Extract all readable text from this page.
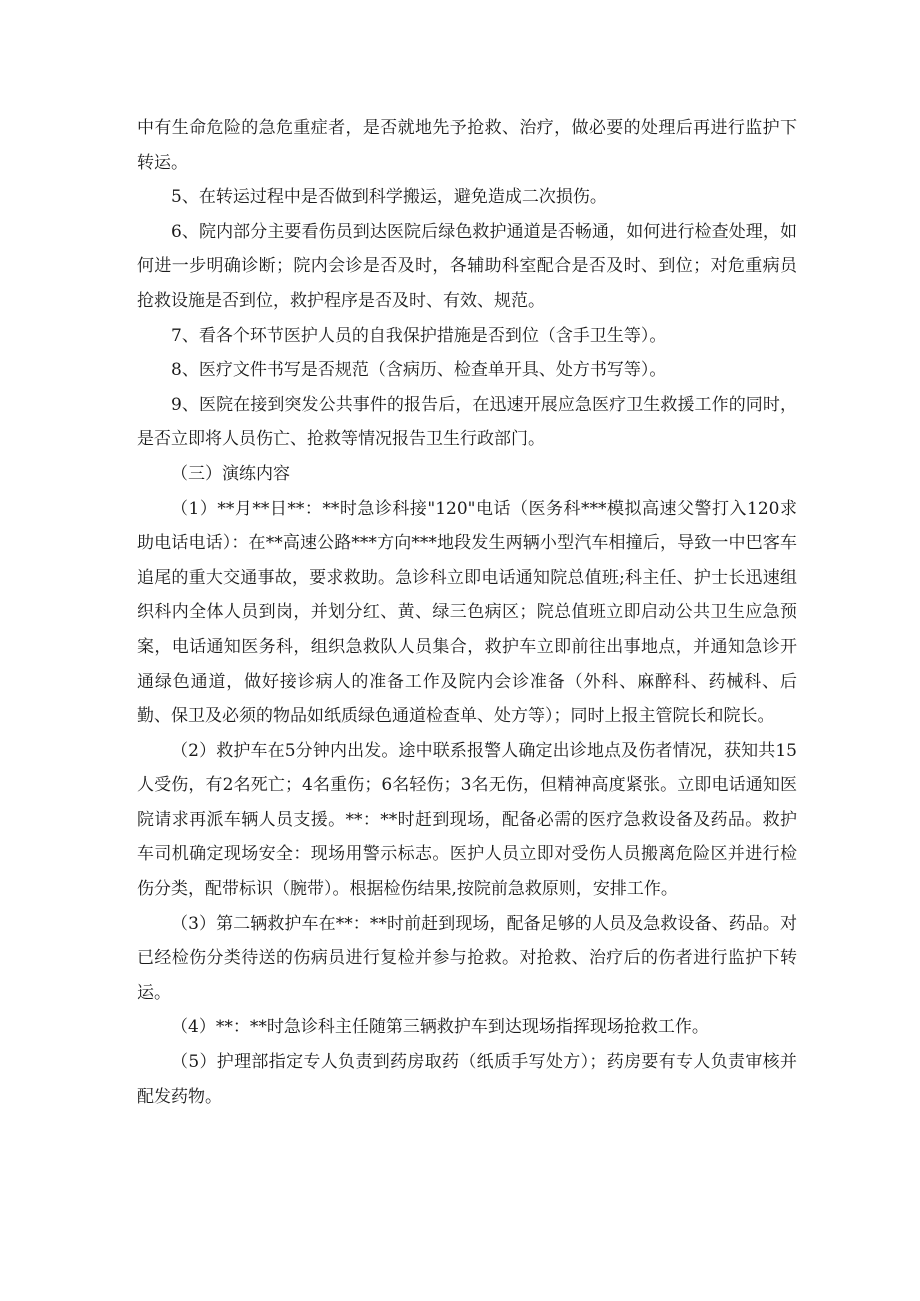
中有生命危险的急危重症者，是否就地先予抢救、治疗，做必要的处理后再进行监护下转运。

5、在转运过程中是否做到科学搬运，避免造成二次损伤。

6、院内部分主要看伤员到达医院后绿色救护通道是否畅通，如何进行检查处理，如何进一步明确诊断；院内会诊是否及时，各辅助科室配合是否及时、到位；对危重病员抢救设施是否到位，救护程序是否及时、有效、规范。

7、看各个环节医护人员的自我保护措施是否到位（含手卫生等）。

8、医疗文件书写是否规范（含病历、检查单开具、处方书写等）。

9、医院在接到突发公共事件的报告后，在迅速开展应急医疗卫生救援工作的同时，是否立即将人员伤亡、抢救等情况报告卫生行政部门。

（三）演练内容

（1）**月**日**：**时急诊科接"120"电话（医务科***模拟高速父警打入120求助电话电话）：在**高速公路***方向***地段发生两辆小型汽车相撞后，导致一中巴客车追尾的重大交通事故，要求救助。急诊科立即电话通知院总值班;科主任、护士长迅速组织科内全体人员到岗，并划分红、黄、绿三色病区；院总值班立即启动公共卫生应急预案，电话通知医务科，组织急救队人员集合，救护车立即前往出事地点，并通知急诊开通绿色通道，做好接诊病人的准备工作及院内会诊准备（外科、麻醉科、药械科、后勤、保卫及必须的物品如纸质绿色通道检查单、处方等）；同时上报主管院长和院长。

（2）救护车在5分钟内出发。途中联系报警人确定出诊地点及伤者情况，获知共15人受伤，有2名死亡；4名重伤；6名轻伤；3名无伤，但精神高度紧张。立即电话通知医院请求再派车辆人员支援。**：**时赶到现场，配备必需的医疗急救设备及药品。救护车司机确定现场安全：现场用警示标志。医护人员立即对受伤人员搬离危险区并进行检伤分类，配带标识（腕带）。根据检伤结果,按院前急救原则，安排工作。

（3）第二辆救护车在**：**时前赶到现场，配备足够的人员及急救设备、药品。对已经检伤分类待送的伤病员进行复检并参与抢救。对抢救、治疗后的伤者进行监护下转运。

（4）**：**时急诊科主任随第三辆救护车到达现场指挥现场抢救工作。

（5）护理部指定专人负责到药房取药（纸质手写处方）；药房要有专人负责审核并配发药物。
